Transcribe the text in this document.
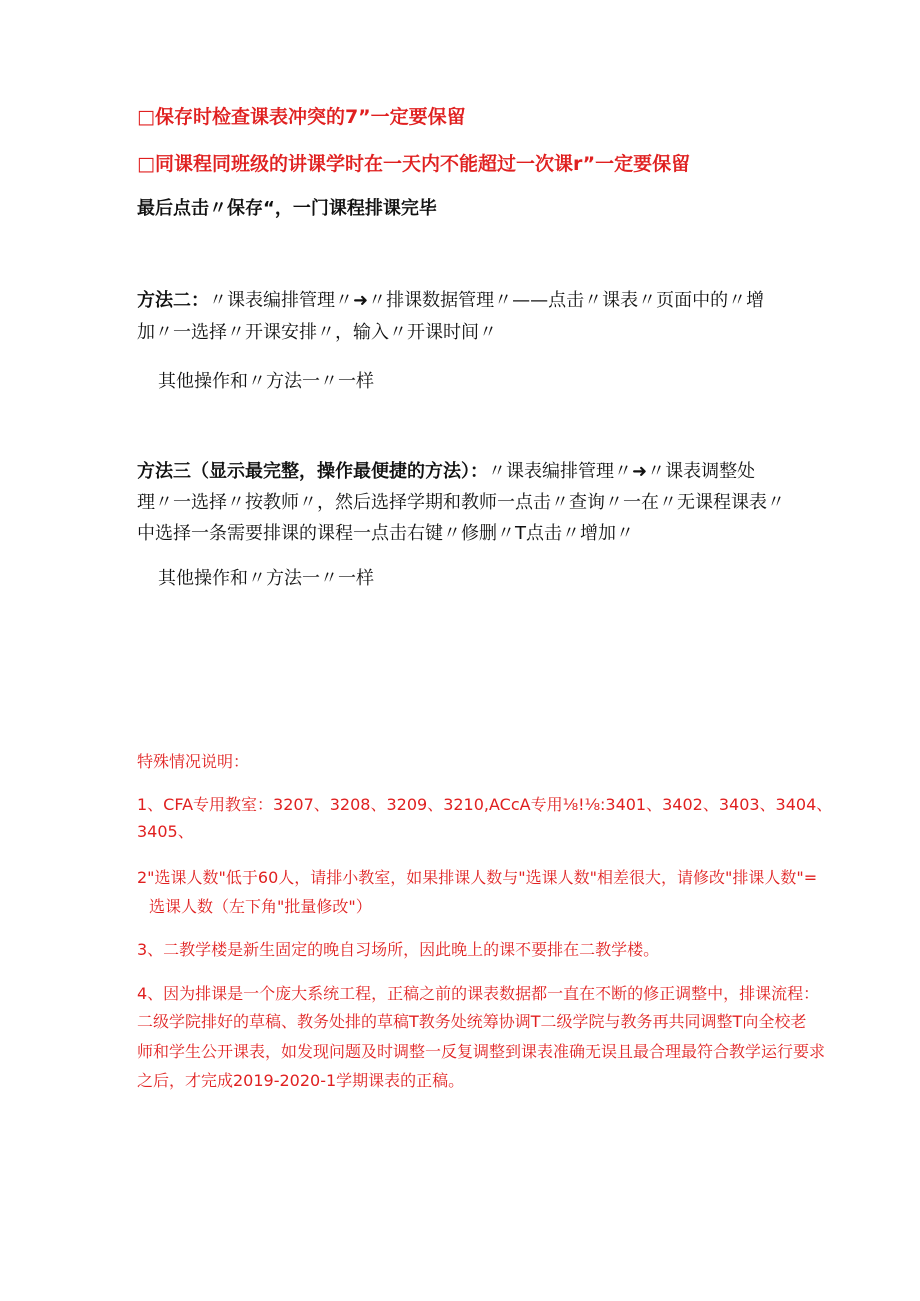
□保存时检查课表冲突的7”一定要保留
□同课程同班级的讲课学时在一天内不能超过一次课r”一定要保留
最后点击〃保存“，一门课程排课完毕
方法二：〃课表编排管理〃➜〃排课数据管理〃——点击〃课表〃页面中的〃增
加〃一选择〃开课安排〃，输入〃开课时间〃
其他操作和〃方法一〃一样
方法三（显示最完整，操作最便捷的方法）：〃课表编排管理〃➜〃课表调整处
理〃一选择〃按教师〃，然后选择学期和教师一点击〃查询〃一在〃无课程课表〃
中选择一条需要排课的课程一点击右键〃修删〃T点击〃增加〃
其他操作和〃方法一〃一样
特殊情况说明：
1、CFA专用教室：3207、3208、3209、3210,ACcA专用⅛!⅛:3401、3402、3403、3404、
3405、
2"选课人数"低于60人，请排小教室，如果排课人数与"选课人数"相差很大，请修改"排课人数"=
选课人数（左下角"批量修改"）
3、二教学楼是新生固定的晚自习场所，因此晚上的课不要排在二教学楼。
4、因为排课是一个庞大系统工程，正稿之前的课表数据都一直在不断的修正调整中，排课流程：
二级学院排好的草稿、教务处排的草稿T教务处统筹协调T二级学院与教务再共同调整T向全校老
师和学生公开课表，如发现问题及时调整一反复调整到课表准确无误且最合理最符合教学运行要求
之后，才完成2019-2020-1学期课表的正稿。
